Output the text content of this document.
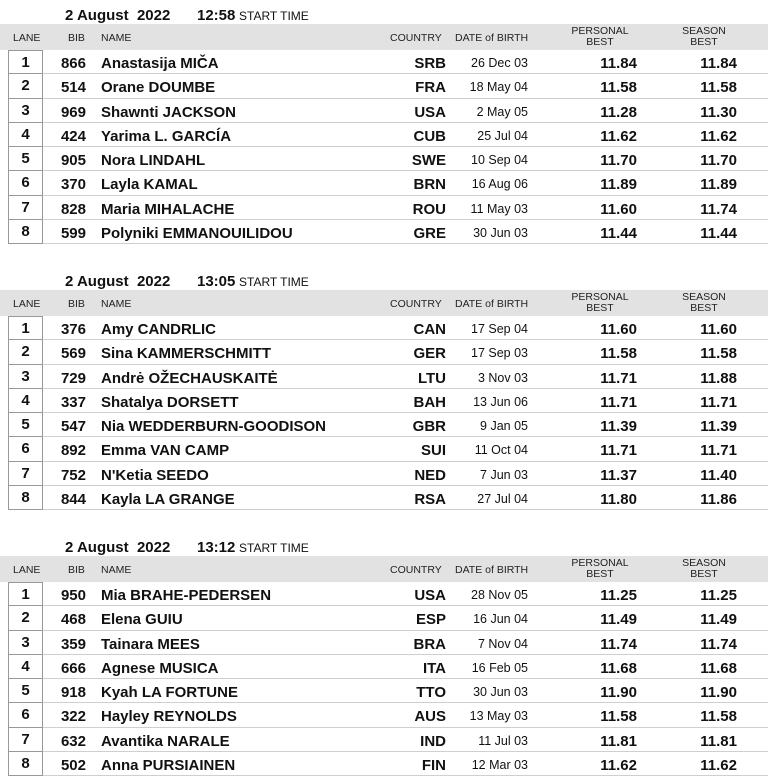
2 August  2022 12:58 START TIME
LANE	BIB NAME	COUNTRY DATE of BIRTH
PERSONAL
BEST
SEASON
BEST
1	866 Anastasija MIČA	SRB	26 Dec 03	11.84	11.84
2	514 Orane DOUMBE	FRA	18 May 04	11.58	11.58
3	969 Shawnti JACKSON	USA	2 May 05	11.28	11.30
4	424 Yarima L. GARCÍA	CUB	25 Jul 04	11.62	11.62
5	905 Nora LINDAHL	SWE	10 Sep 04	11.70	11.70
6	370 Layla KAMAL	BRN	16 Aug 06	11.89	11.89
7	828 Maria MIHALACHE	ROU	11 May 03	11.60	11.74
8	599 Polyniki EMMANOUILIDOU	GRE	30 Jun 03	11.44	11.44
2 August  2022 13:05 START TIME
LANE	BIB NAME	COUNTRY DATE of BIRTH
PERSONAL
BEST
SEASON
BEST
1	376 Amy CANDRLIC	CAN	17 Sep 04	11.60	11.60
2	569 Sina KAMMERSCHMITT	GER	17 Sep 03	11.58	11.58
3	729 Andrė OŽECHAUSKAITĖ	LTU	3 Nov 03	11.71	11.88
4	337 Shatalya DORSETT	BAH	13 Jun 06	11.71	11.71
5	547 Nia WEDDERBURN-GOODISON	GBR	9 Jan 05	11.39	11.39
6	892 Emma VAN CAMP	SUI	11 Oct 04	11.71	11.71
7	752 N'Ketia SEEDO	NED	7 Jun 03	11.37	11.40
8	844 Kayla LA GRANGE	RSA	27 Jul 04	11.80	11.86
2 August  2022 13:12 START TIME
LANE	BIB NAME	COUNTRY DATE of BIRTH
PERSONAL
BEST
SEASON
BEST
1	950 Mia BRAHE-PEDERSEN	USA	28 Nov 05	11.25	11.25
2	468 Elena GUIU	ESP	16 Jun 04	11.49	11.49
3	359 Tainara MEES	BRA	7 Nov 04	11.74	11.74
4	666 Agnese MUSICA	ITA	16 Feb 05	11.68	11.68
5	918 Kyah LA FORTUNE	TTO	30 Jun 03	11.90	11.90
6	322 Hayley REYNOLDS	AUS	13 May 03	11.58	11.58
7	632 Avantika NARALE	IND	11 Jul 03	11.81	11.81
8	502 Anna PURSIAINEN	FIN	12 Mar 03	11.62	11.62
